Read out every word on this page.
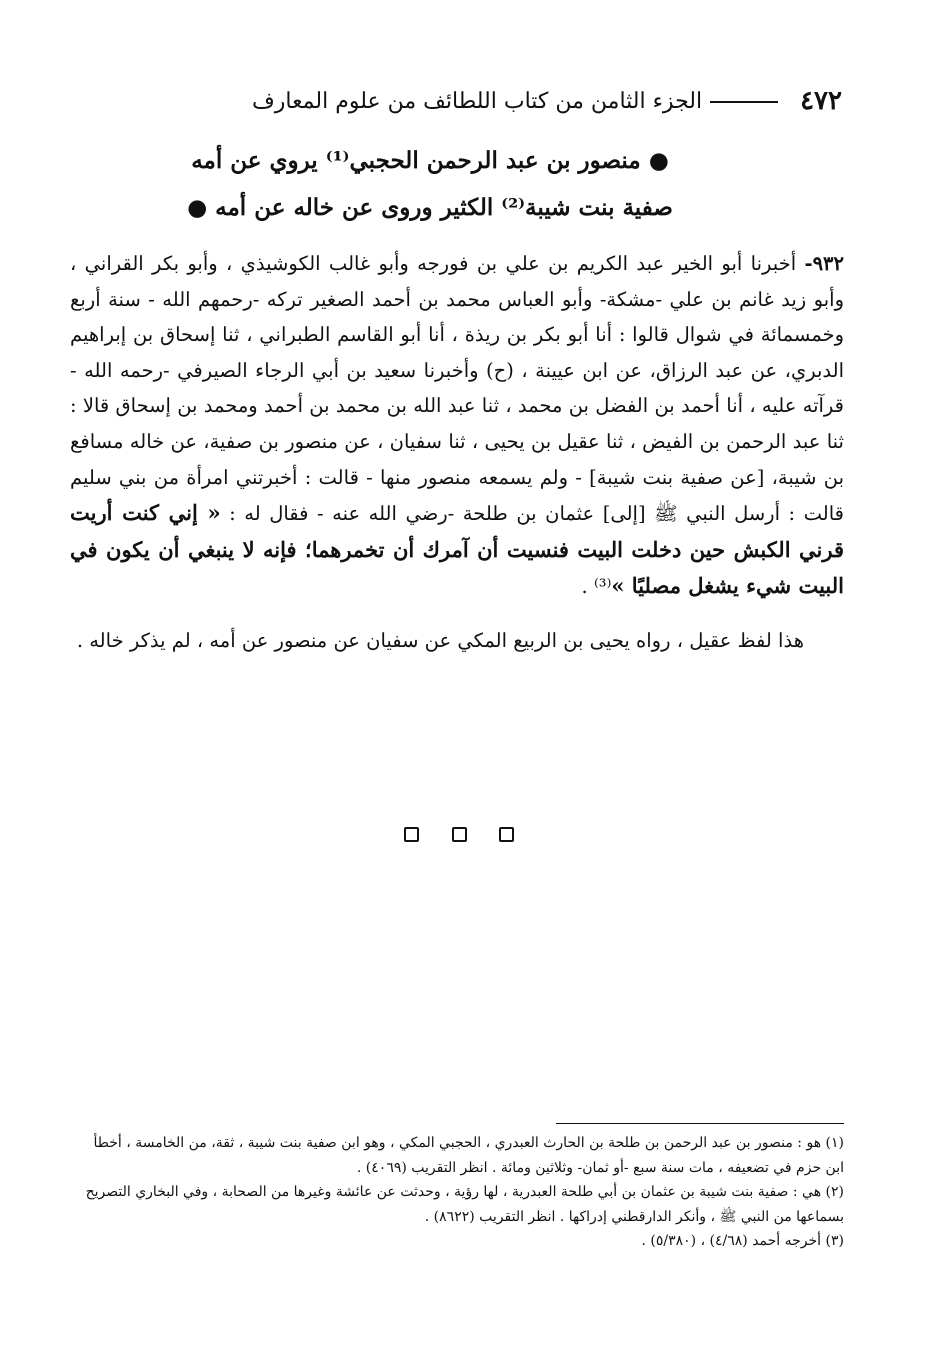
٤٧٢
الجزء الثامن من كتاب اللطائف من علوم المعارف
● منصور بن عبد الرحمن الحجبي⁽¹⁾ يروي عن أمه
صفية بنت شيبة⁽²⁾ الكثير وروى عن خاله عن أمه ●

٩٣٢- أخبرنا أبو الخير عبد الكريم بن علي بن فورجه وأبو غالب الكوشيذي ، وأبو بكر القراني ، وأبو زيد غانم بن علي -مشكة- وأبو العباس محمد بن أحمد الصغير تركه -رحمهم الله - سنة أربع وخمسمائة في شوال قالوا : أنا أبو بكر بن ريذة ، أنا أبو القاسم الطبراني ، ثنا إسحاق بن إبراهيم الدبري، عن عبد الرزاق، عن ابن عيينة ، (ح) وأخبرنا سعيد بن أبي الرجاء الصيرفي -رحمه الله - قرآته عليه ، أنا أحمد بن الفضل بن محمد ، ثنا عبد الله بن محمد بن أحمد ومحمد بن إسحاق قالا : ثنا عبد الرحمن بن الفيض ، ثنا عقيل بن يحيى ، ثنا سفيان ، عن منصور بن صفية، عن خاله مسافع بن شيبة، [عن صفية بنت شيبة] - ولم يسمعه منصور منها - قالت : أخبرتني امرأة من بني سليم قالت : أرسل النبي ﷺ [إلى] عثمان بن طلحة -رضي الله عنه - فقال له : « إني كنت أريت قرني الكبش حين دخلت البيت فنسيت أن آمرك أن تخمرهما؛ فإنه لا ينبغي أن يكون في البيت شيء يشغل مصليًا »⁽³⁾ .

هذا لفظ عقيل ، رواه يحيى بن الربيع المكي عن سفيان عن منصور عن أمه ، لم يذكر خاله .

(١) هو : منصور بن عبد الرحمن بن طلحة بن الحارث العبدري ، الحجبي المكي ، وهو ابن صفية بنت شيبة ، ثقة، من الخامسة ، أخطأ ابن حزم في تضعيفه ، مات سنة سبع -أو ثمان- وثلاثين ومائة . انظر التقريب (٤٠٦٩) .

(٢) هي : صفية بنت شيبة بن عثمان بن أبي طلحة العبدرية ، لها رؤية ، وحدثت عن عائشة وغيرها من الصحابة ، وفي البخاري التصريح بسماعها من النبي ﷺ ، وأنكر الدارقطني إدراكها . انظر التقريب (٨٦٢٢) .

(٣) أخرجه أحمد (٤/٦٨) ، (٥/٣٨٠) .
